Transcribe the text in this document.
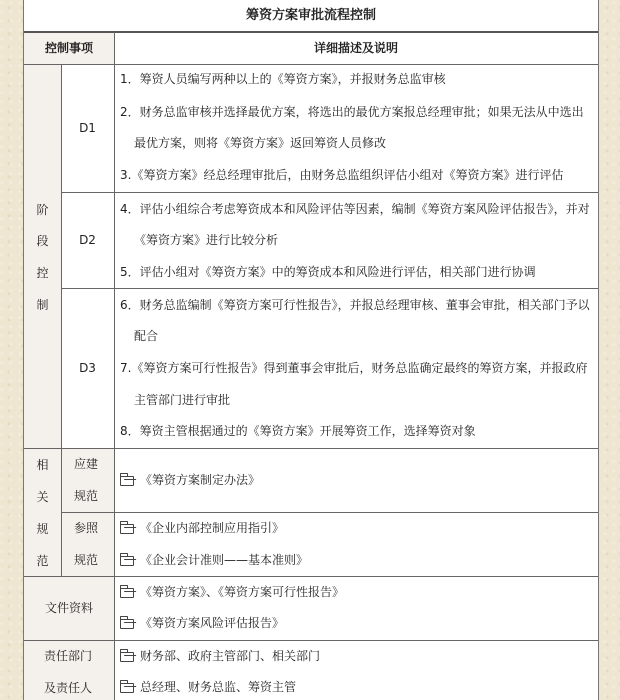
筹资方案审批流程控制
控制事项	详细描述及说明
阶
段
控
制
D1
D2
D3
1．筹资人员编写两种以上的《筹资方案》，并报财务总监审核
2．财务总监审核并选择最优方案，将选出的最优方案报总经理审批；如果无法从中选出
最优方案，则将《筹资方案》返回筹资人员修改
3.《筹资方案》经总经理审批后，由财务总监组织评估小组对《筹资方案》进行评估
4．评估小组综合考虑筹资成本和风险评估等因素，编制《筹资方案风险评估报告》，并对
《筹资方案》进行比较分析
5．评估小组对《筹资方案》中的筹资成本和风险进行评估，相关部门进行协调
6．财务总监编制《筹资方案可行性报告》，并报总经理审核、董事会审批，相关部门予以
配合
7.《筹资方案可行性报告》得到董事会审批后，财务总监确定最终的筹资方案，并报政府
主管部门进行审批
8．筹资主管根据通过的《筹资方案》开展筹资工作，选择筹资对象
相
关
规
范
应建
规范
参照
规范
《筹资方案制定办法》
《企业内部控制应用指引》
《企业会计准则——基本准则》
文件资料
《筹资方案》、《筹资方案可行性报告》
《筹资方案风险评估报告》
责任部门
及责任人
财务部、政府主管部门、相关部门
总经理、财务总监、筹资主管
